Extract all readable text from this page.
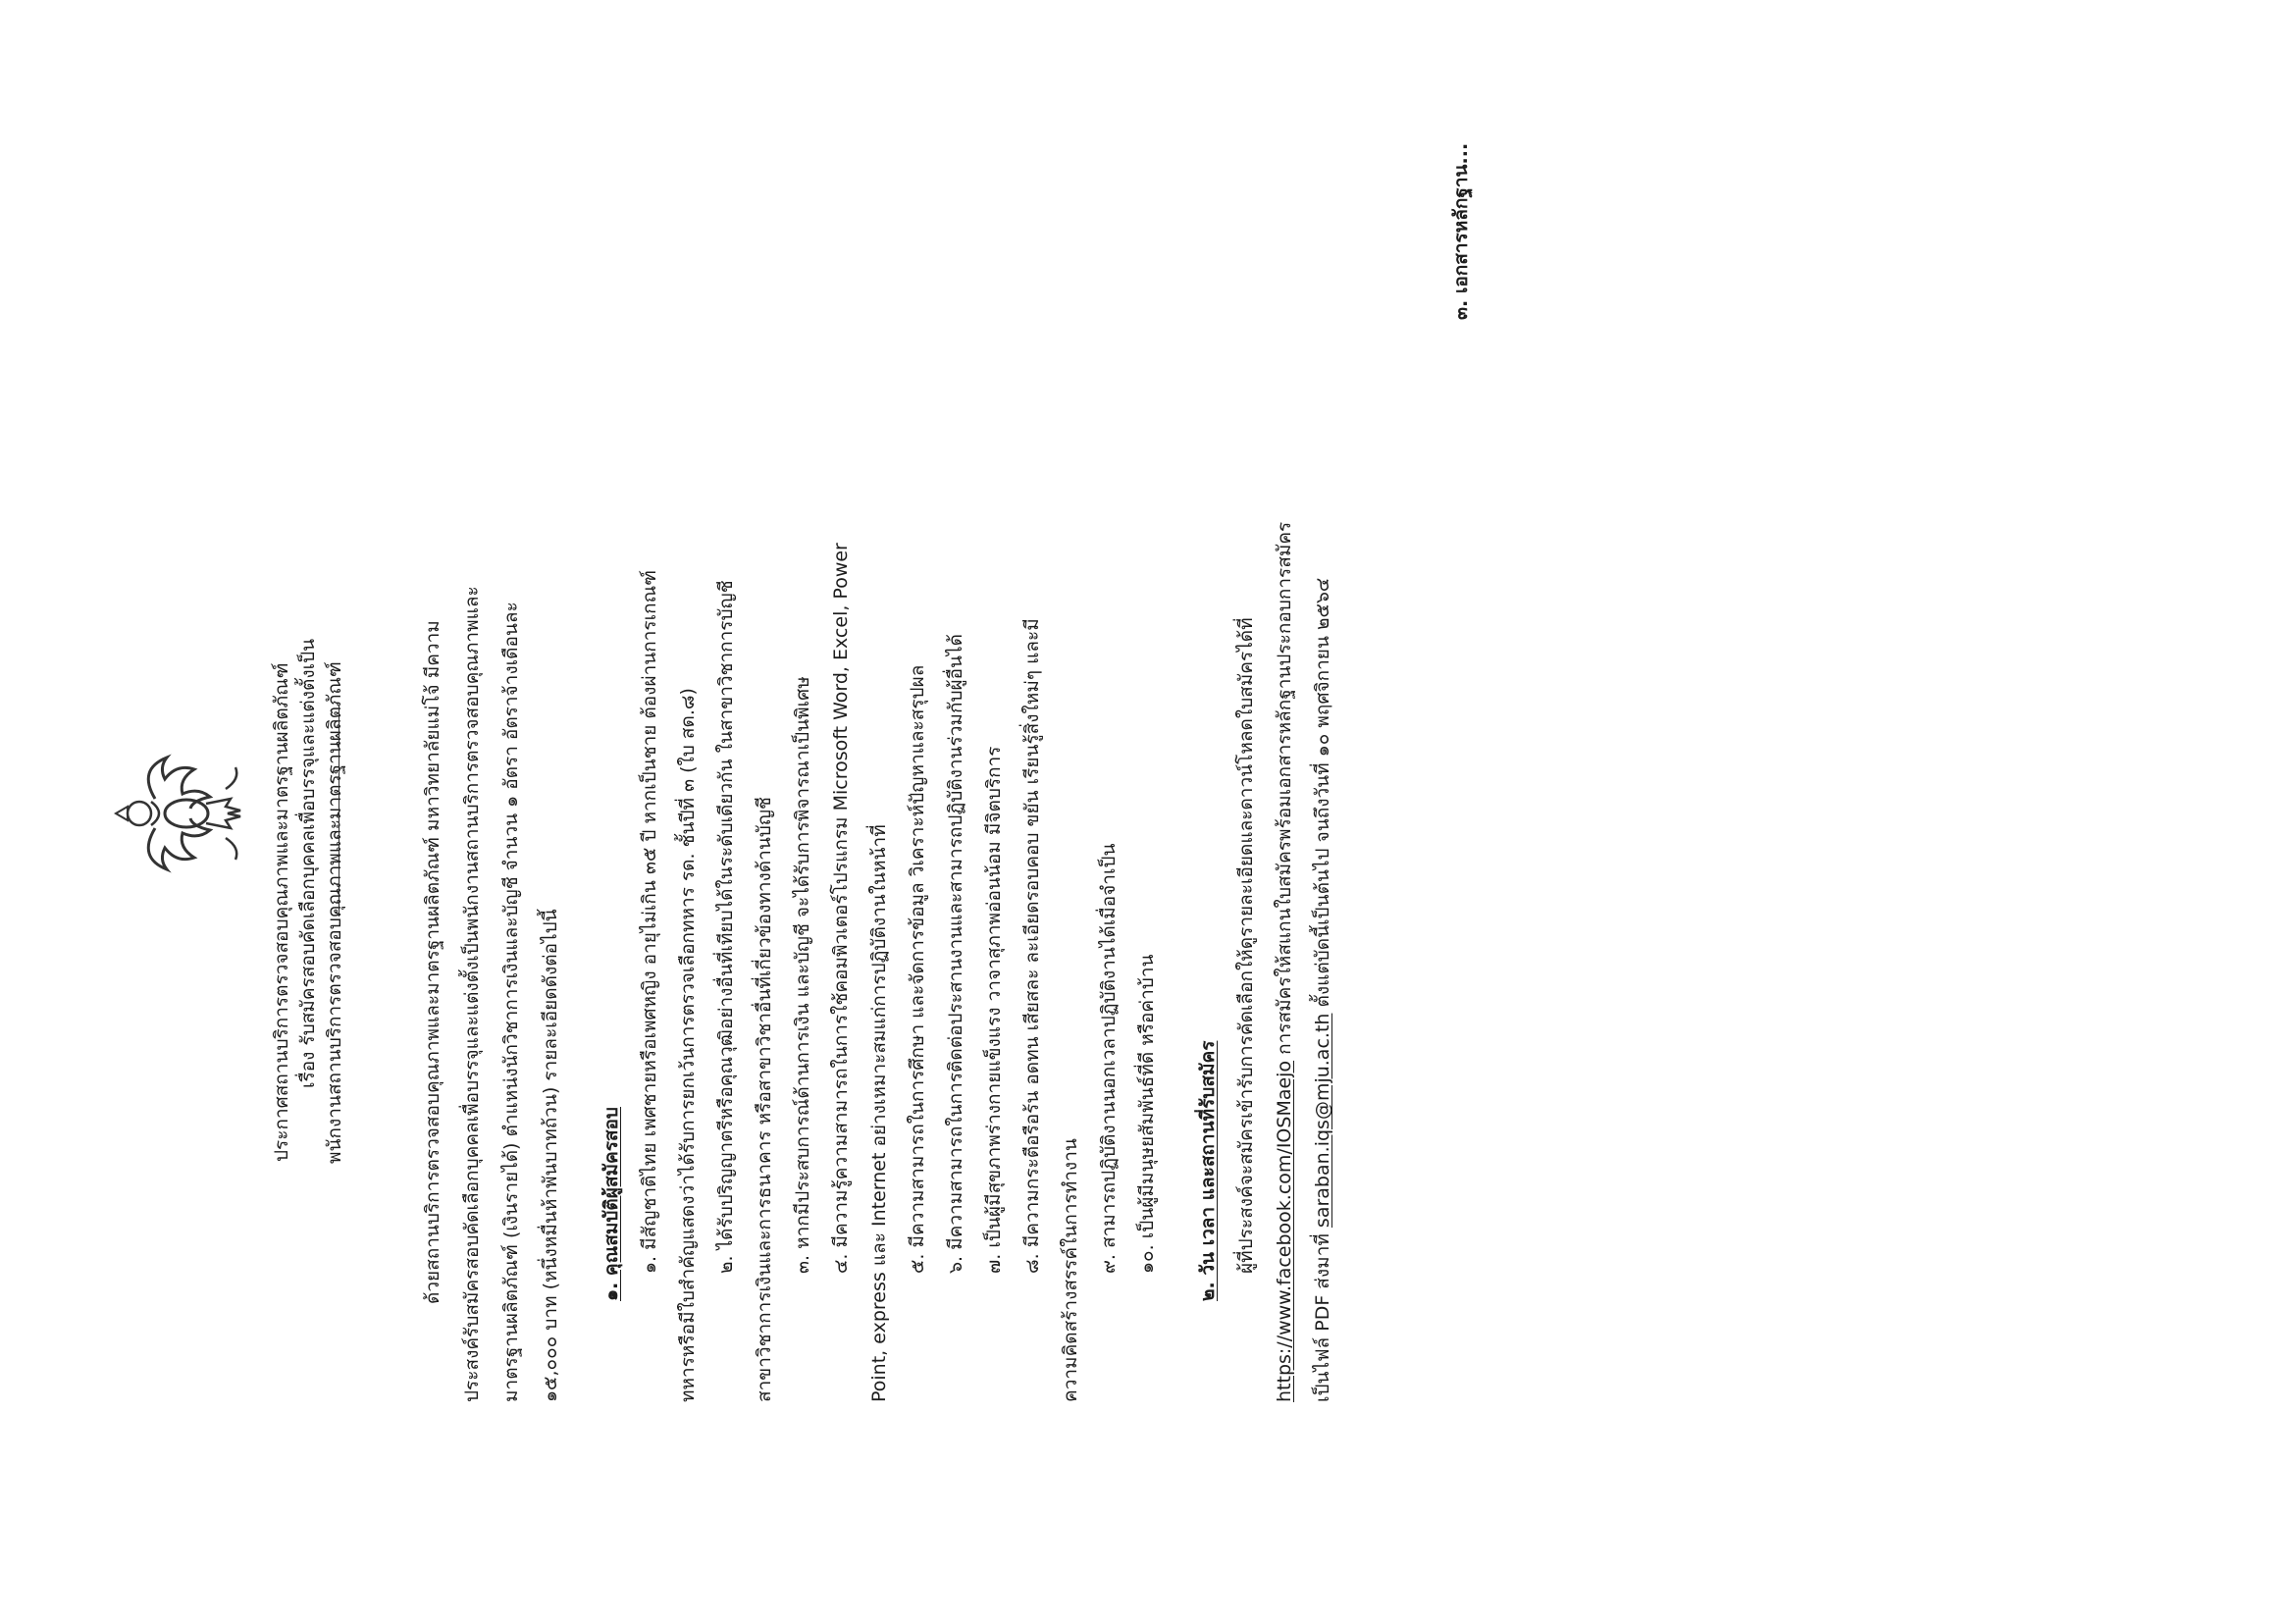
ประกาศสถานบริการตรวจสอบคุณภาพและมาตรฐานผลิตภัณฑ์ เรื่อง รับสมัครสอบคัดเลือกบุคคลเพื่อบรรจุและแต่งตั้งเป็น พนักงานสถานบริการตรวจสอบคุณภาพและมาตรฐานผลิตภัณฑ์	ด้วยสถานบริการตรวจสอบคุณภาพและมาตรฐานผลิตภัณฑ์ มหาวิทยาลัยแม่โจ้ มีความ ประสงค์รับสมัครสอบคัดเลือกบุคคลเพื่อบรรจุและแต่งตั้งเป็นพนักงานสถานบริการตรวจสอบคุณภาพและ มาตรฐานผลิตภัณฑ์ (เงินรายได้) ตำแหน่งนักวิชาการเงินและบัญชี จำนวน ๑ อัตรา อัตราจ้างเดือนละ ๑๕,๐๐๐ บาท (หนึ่งหมื่นห้าพันบาทถ้วน) รายละเอียดดังต่อไปนี้ ๑. คุณสมบัติผู้สมัครสอบ ๑. มีสัญชาติไทย เพศชายหรือเพศหญิง อายุไม่เกิน ๓๕ ปี หากเป็นชาย ต้องผ่านการเกณฑ์ ทหารหรือมีใบสำคัญแสดงว่าได้รับการยกเว้นการตรวจเลือกทหาร รด. ชั้นปีที่ ๓ (ใบ สด.๘) ๒. ได้รับปริญญาตรีหรือคุณวุฒิอย่างอื่นที่เทียบได้ในระดับเดียวกัน ในสาขาวิชาการบัญชี สาขาวิชาการเงินและการธนาคาร หรือสาขาวิชาอื่นที่เกี่ยวข้องทางด้านบัญชี ๓. หากมีประสบการณ์ด้านการเงิน และบัญชี จะได้รับการพิจารณาเป็นพิเศษ ๔. มีความรู้ความสามารถในการใช้คอมพิวเตอร์โปรแกรม Microsoft Word, Excel, Power Point, express และ Internet อย่างเหมาะสมแก่การปฏิบัติงานในหน้าที่ ๕. มีความสามารถในการศึกษา และจัดการข้อมูล วิเคราะห์ปัญหาและสรุปผล ๖. มีความสามารถในการติดต่อประสานงานและสามารถปฏิบัติงานร่วมกับผู้อื่นได้ ๗. เป็นผู้มีสุขภาพร่างกายแข็งแรง วาจาสุภาพอ่อนน้อม มีจิตบริการ ๘. มีความกระตือรือร้น อดทน เสียสละ ละเอียดรอบคอบ ขยัน เรียนรู้สิ่งใหม่ๆ และมี ความคิดสร้างสรรค์ในการทำงาน ๙. สามารถปฏิบัติงานนอกเวลาปฏิบัติงานได้เมื่อจำเป็น ๑๐. เป็นผู้มีมนุษยสัมพันธ์ที่ดี หรือค่าบ้าน ๒. วัน เวลา และสถานที่รับสมัคร ผู้ที่ประสงค์จะสมัครเข้ารับการคัดเลือกให้ดูรายละเอียดและดาวน์โหลดใบสมัครได้ที่ https://www.facebook.com/IOSMaejo การสมัครให้สแกนใบสมัครพร้อมเอกสารหลักฐานประกอบการสมัคร
เป็นไฟล์ PDF ส่งมาที่ saraban.iqs@mju.ac.th ตั้งแต่บัดนี้เป็นต้นไป จนถึงวันที่ ๑๐ พฤศจิกายน ๒๕๖๔
๓. เอกสารหลักฐาน...
